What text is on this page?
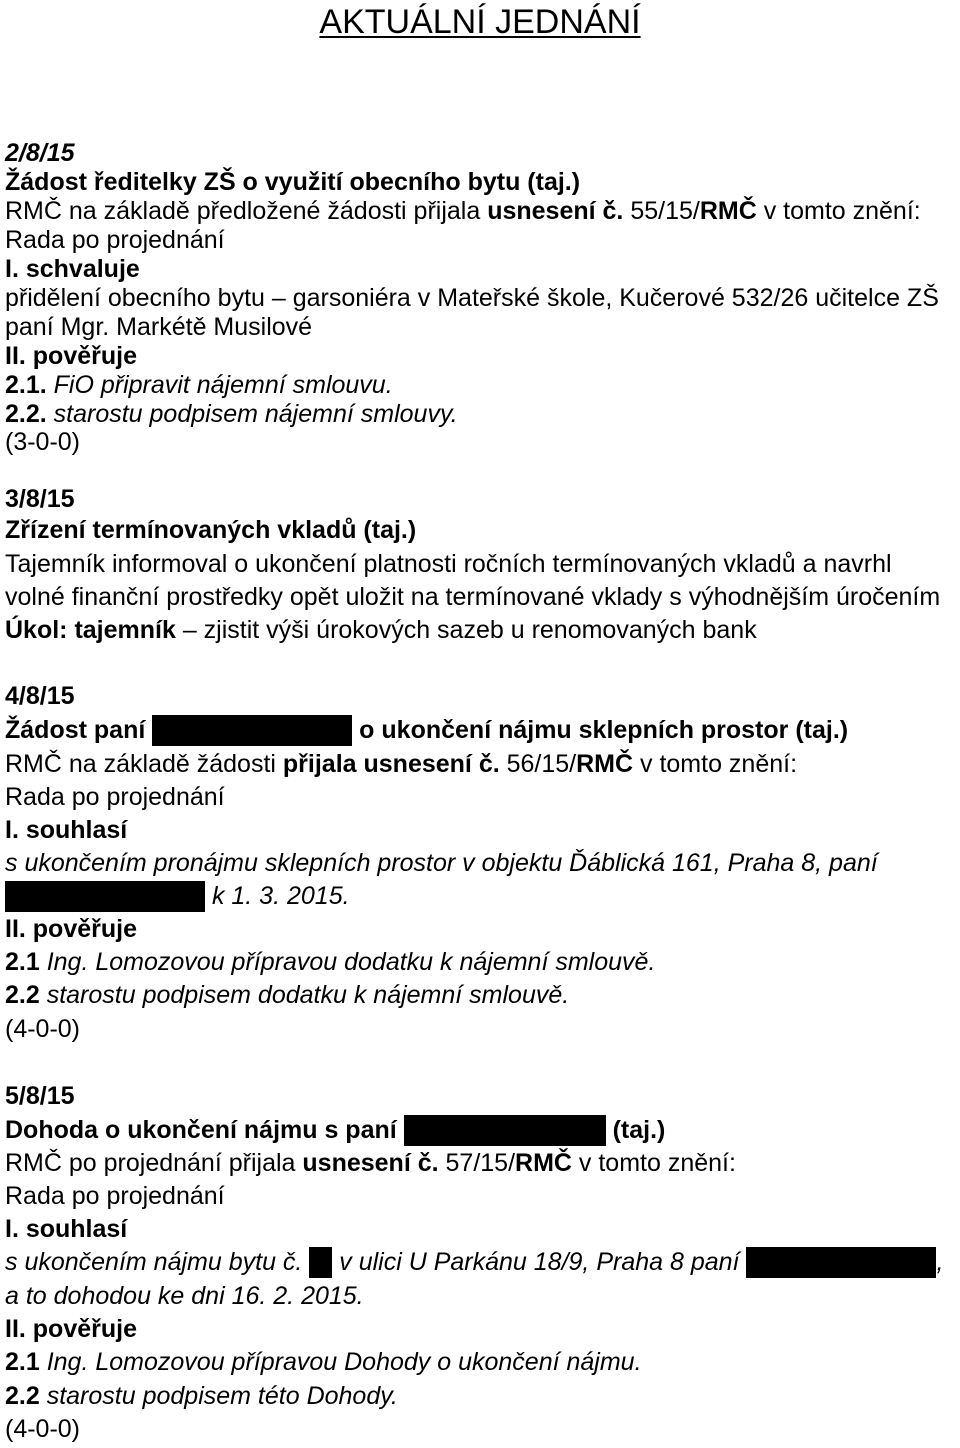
AKTUÁLNÍ JEDNÁNÍ
2/8/15
Žádost ředitelky ZŠ o využití obecního bytu (taj.)
RMČ na základě předložené žádosti přijala usnesení č. 55/15/RMČ v tomto znění:
Rada po projednání
I. schvaluje
přidělení obecního bytu – garsoniéra v Mateřské škole, Kučerové 532/26 učitelce ZŠ
paní Mgr. Markétě Musilové
II. pověřuje
2.1. FiO připravit nájemní smlouvu.
2.2. starostu podpisem nájemní smlouvy.
(3-0-0)
3/8/15
Zřízení termínovaných vkladů (taj.)
Tajemník informoval o ukončení platnosti ročních termínovaných vkladů a navrhl
volné finanční prostředky opět uložit na termínované vklady s výhodnějším úročením
Úkol: tajemník – zjistit výši úrokových sazeb u renomovaných bank
4/8/15
Žádost paní	o ukončení nájmu sklepních prostor (taj.)
RMČ na základě žádosti přijala usnesení č. 56/15/RMČ v tomto znění:
Rada po projednání
I. souhlasí
s ukončením pronájmu sklepních prostor v objektu Ďáblická 161, Praha 8, paní
k 1. 3. 2015.
II. pověřuje
2.1 Ing. Lomozovou přípravou dodatku k nájemní smlouvě.
2.2 starostu podpisem dodatku k nájemní smlouvě.
(4-0-0)
5/8/15
Dohoda o ukončení nájmu s paní	(taj.)
RMČ po projednání přijala usnesení č. 57/15/RMČ v tomto znění:
Rada po projednání
I. souhlasí
s ukončením nájmu bytu č.  v ulici U Parkánu 18/9, Praha 8 paní	,
a to dohodou ke dni 16. 2. 2015.
II. pověřuje
2.1 Ing. Lomozovou přípravou Dohody o ukončení nájmu.
2.2 starostu podpisem této Dohody.
(4-0-0)
